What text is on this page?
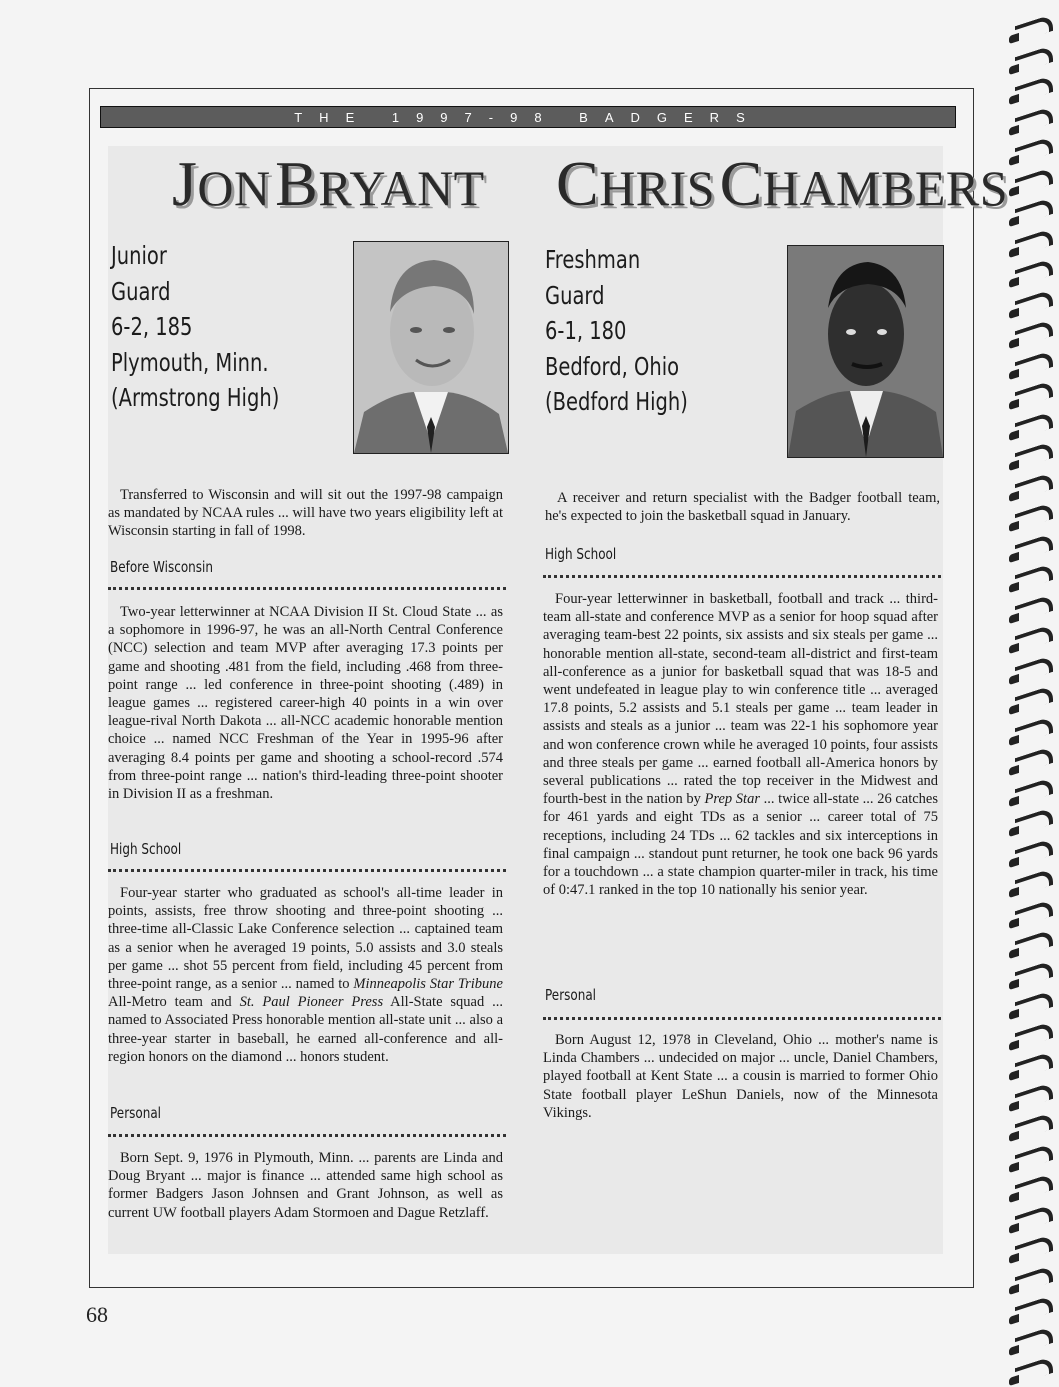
THE 1997-98 BADGERS
JON BRYANT CHRIS CHAMBERS
Junior
Guard
6-2, 185
Plymouth, Minn.
(Armstrong High)
Freshman
Guard
6-1, 180
Bedford, Ohio
(Bedford High)
Transferred to Wisconsin and will sit out the 1997-98 campaign as mandated by NCAA rules ... will have two years eligibility left at Wisconsin starting in fall of 1998.
Before Wisconsin
Two-year letterwinner at NCAA Division II St. Cloud State ... as a sophomore in 1996-97, he was an all-North Central Conference (NCC) selection and team MVP after averaging 17.3 points per game and shooting .481 from the field, including .468 from three-point range ... led conference in three-point shooting (.489) in league games ... registered career-high 40 points in a win over league-rival North Dakota ... all-NCC academic honorable mention choice ... named NCC Freshman of the Year in 1995-96 after averaging 8.4 points per game and shooting a school-record .574 from three-point range ... nation's third-leading three-point shooter in Division II as a freshman.
High School
Four-year starter who graduated as school's all-time leader in points, assists, free throw shooting and three-point shooting ... three-time all-Classic Lake Conference selection ... captained team as a senior when he averaged 19 points, 5.0 assists and 3.0 steals per game ... shot 55 percent from field, including 45 percent from three-point range, as a senior ... named to Minneapolis Star Tribune All-Metro team and St. Paul Pioneer Press All-State squad ... named to Associated Press honorable mention all-state unit ... also a three-year starter in baseball, he earned all-conference and all-region honors on the diamond ... honors student.
Personal
Born Sept. 9, 1976 in Plymouth, Minn. ... parents are Linda and Doug Bryant ... major is finance ... attended same high school as former Badgers Jason Johnsen and Grant Johnson, as well as current UW football players Adam Stormoen and Dague Retzlaff.
A receiver and return specialist with the Badger football team, he's expected to join the basketball squad in January.
High School
Four-year letterwinner in basketball, football and track ... third-team all-state and conference MVP as a senior for hoop squad after averaging team-best 22 points, six assists and six steals per game ... honorable mention all-state, second-team all-district and first-team all-conference as a junior for basketball squad that was 18-5 and went undefeated in league play to win conference title ... averaged 17.8 points, 5.2 assists and 5.1 steals per game ... team leader in assists and steals as a junior ... team was 22-1 his sophomore year and won conference crown while he averaged 10 points, four assists and three steals per game ... earned football all-America honors by several publications ... rated the top receiver in the Midwest and fourth-best in the nation by Prep Star ... twice all-state ... 26 catches for 461 yards and eight TDs as a senior ... career total of 75 receptions, including 24 TDs ... 62 tackles and six interceptions in final campaign ... standout punt returner, he took one back 96 yards for a touchdown ... a state champion quarter-miler in track, his time of 0:47.1 ranked in the top 10 nationally his senior year.
Personal
Born August 12, 1978 in Cleveland, Ohio ... mother's name is Linda Chambers ... undecided on major ... uncle, Daniel Chambers, played football at Kent State ... a cousin is married to former Ohio State football player LeShun Daniels, now of the Minnesota Vikings.
68
